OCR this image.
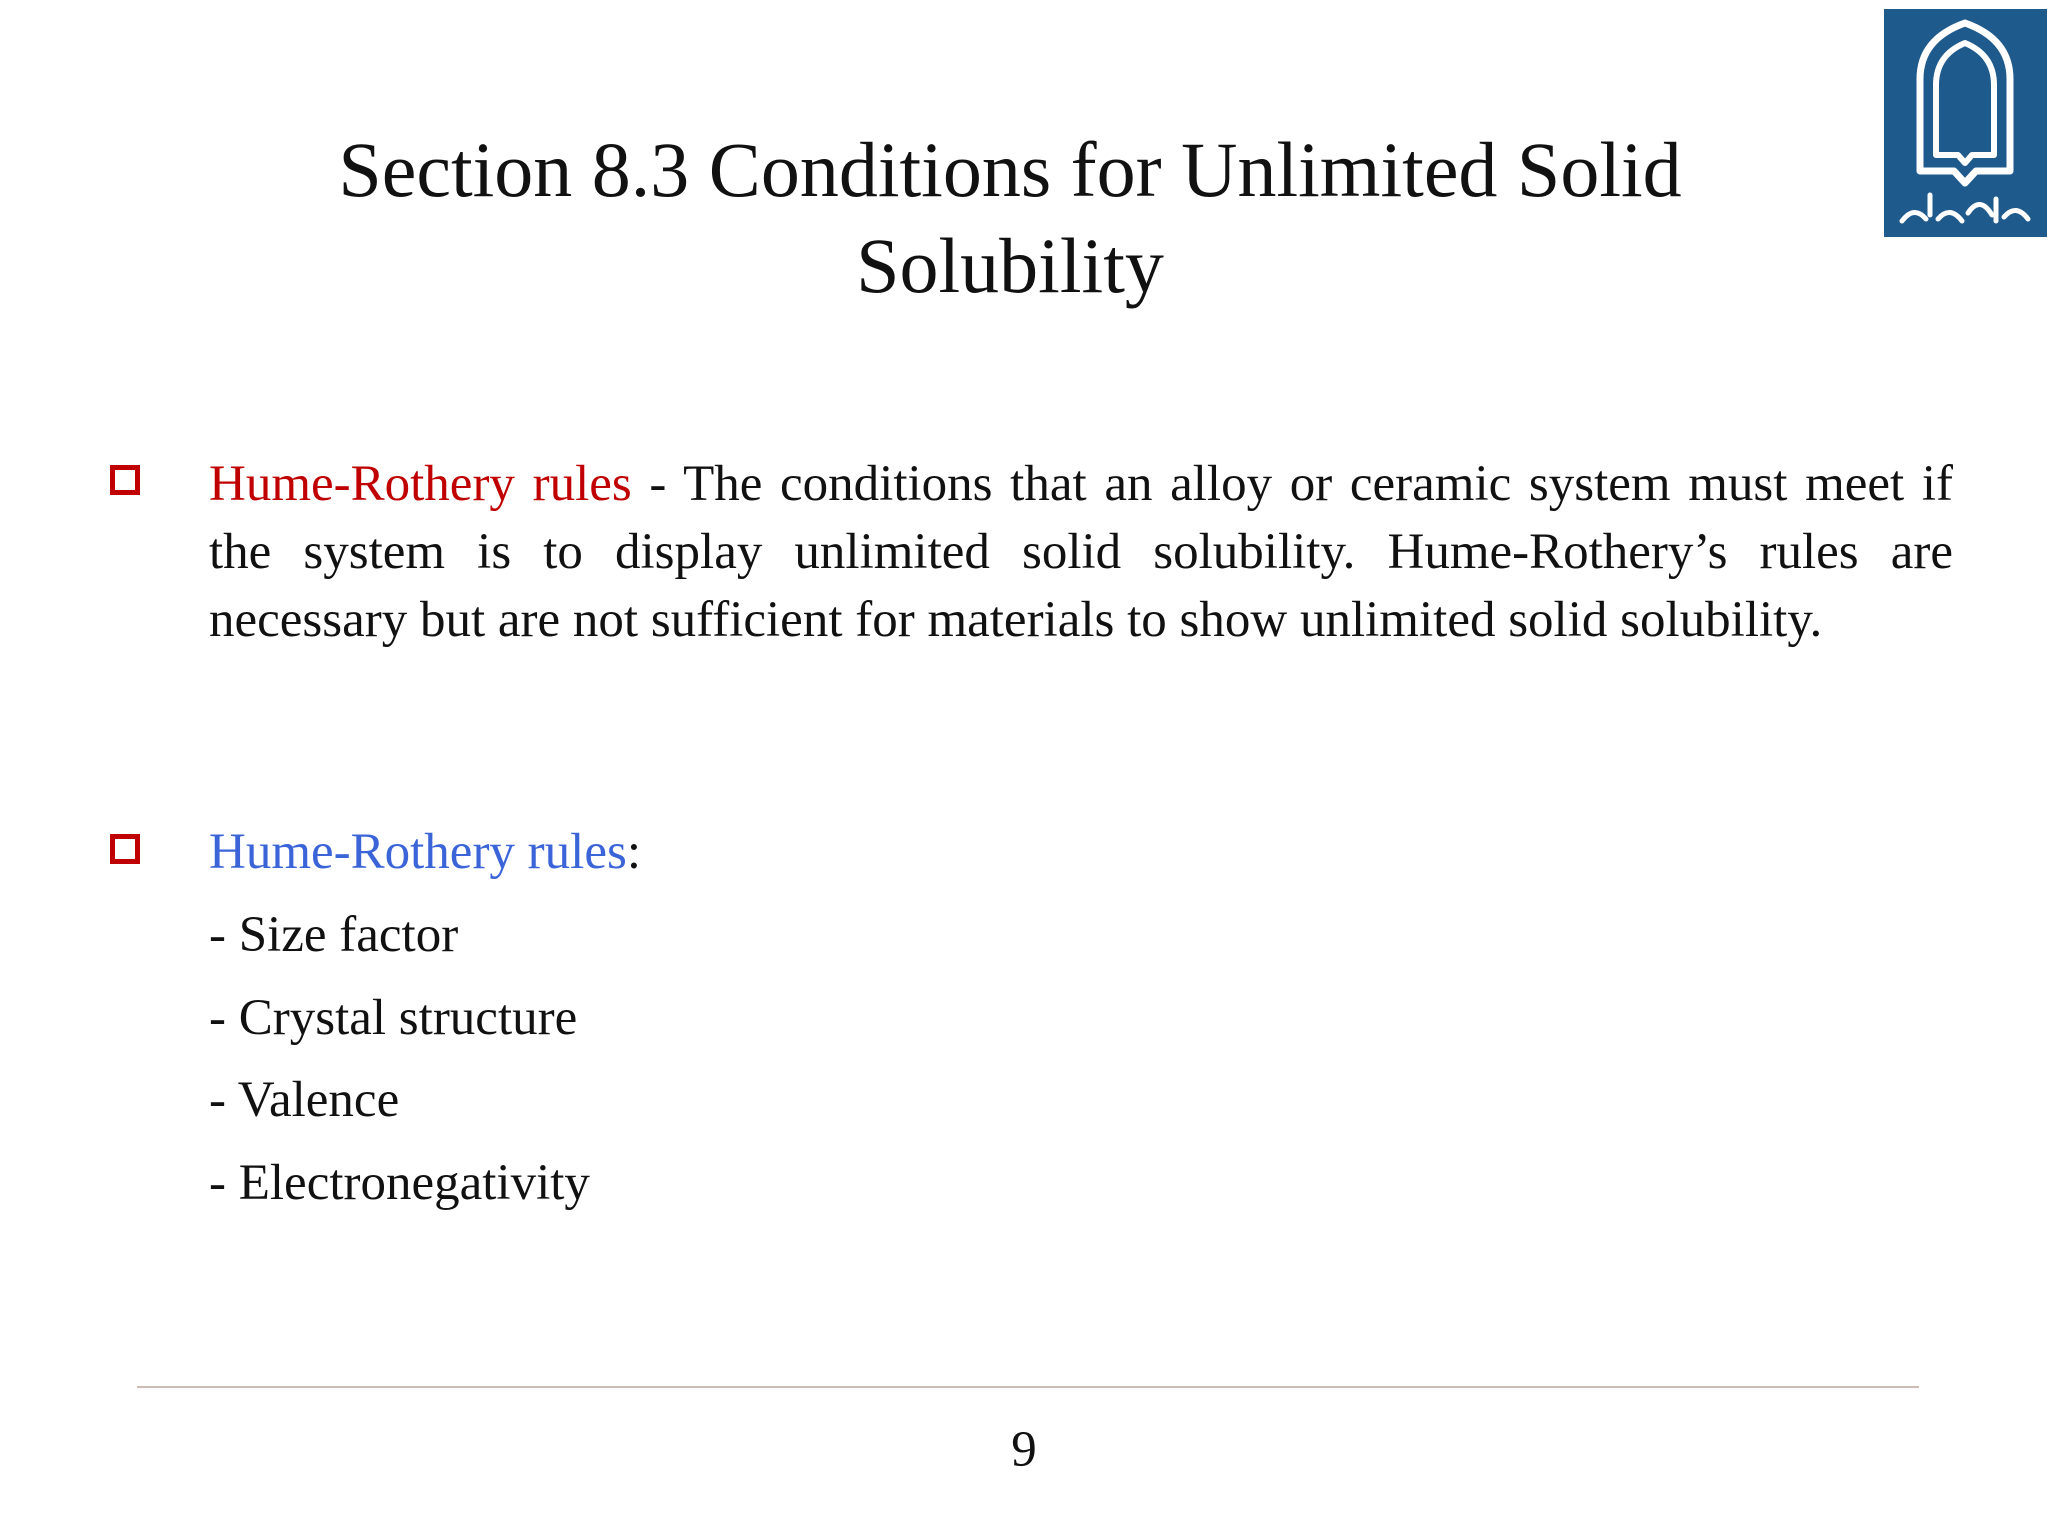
Section 8.3 Conditions for Unlimited Solid
Solubility

Hume-Rothery rules - The conditions that an alloy or ceramic system must meet if the system is to display unlimited solid solubility. Hume-Rothery’s rules are necessary but are not sufficient for materials to show unlimited solid solubility.

Hume-Rothery rules:

- Size factor

- Crystal structure

- Valence

- Electronegativity

9
